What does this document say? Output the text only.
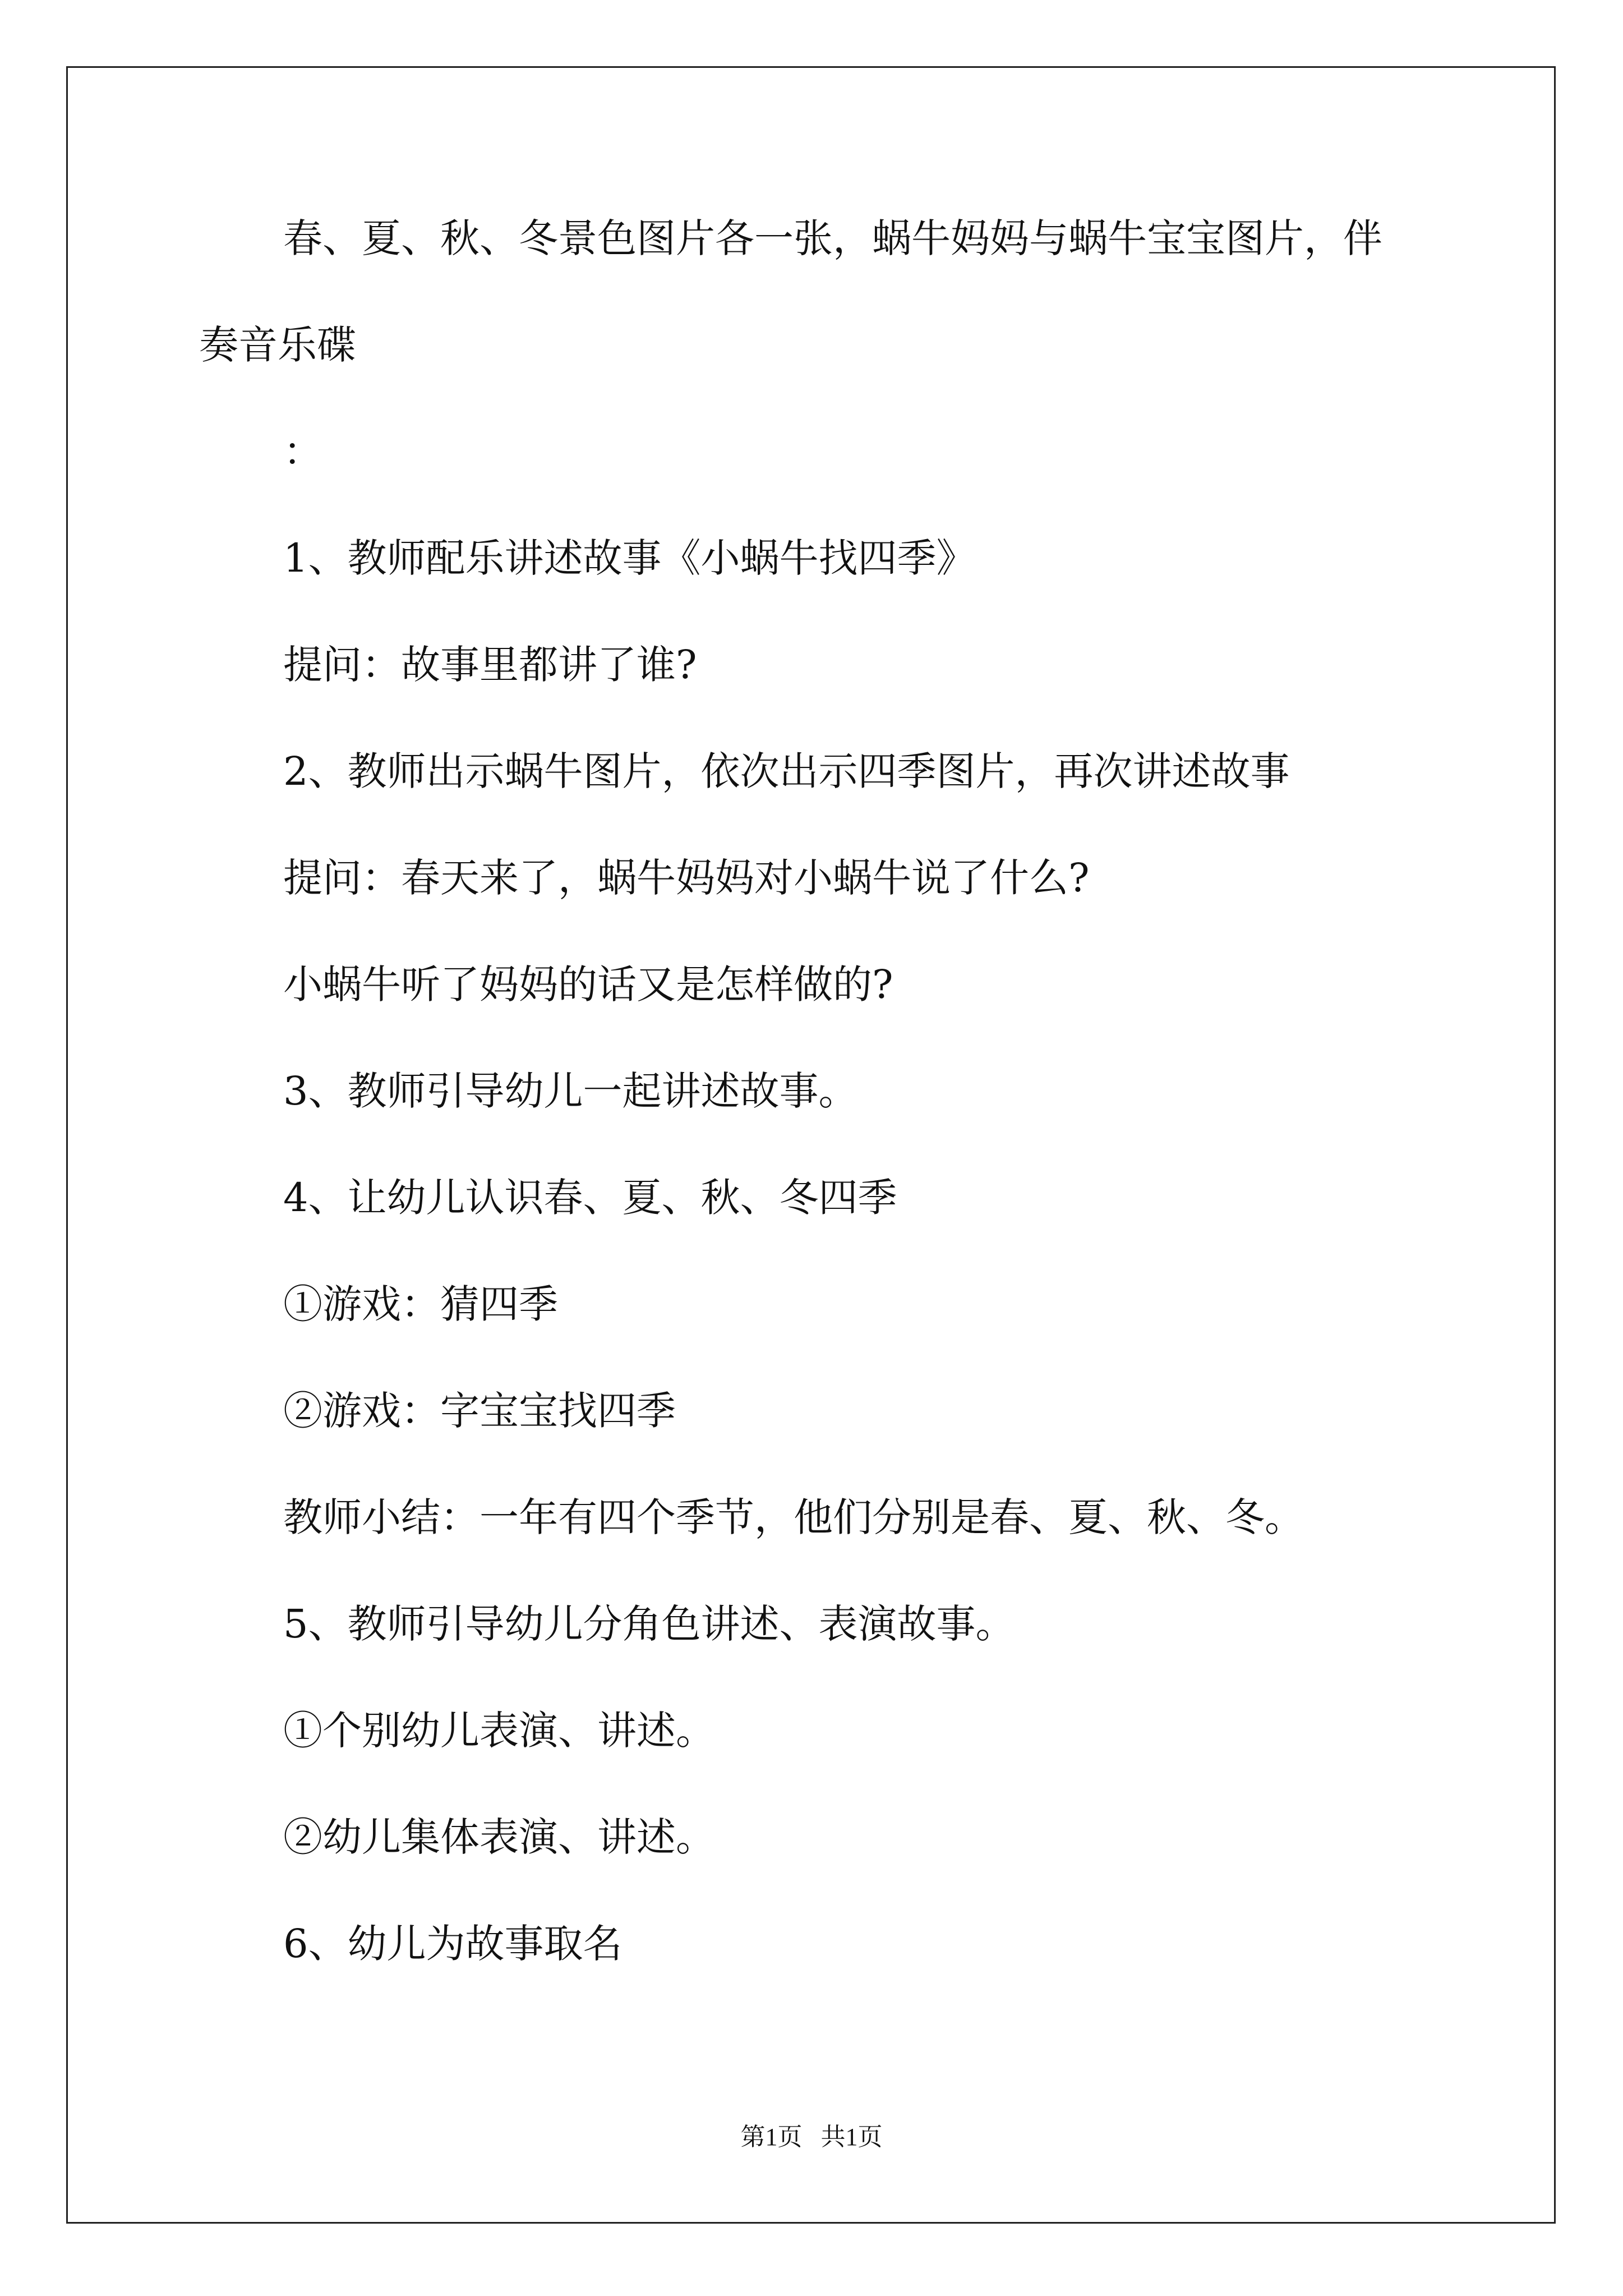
春、夏、秋、冬景色图片各一张，蜗牛妈妈与蜗牛宝宝图片，伴
奏音乐碟
：
1、教师配乐讲述故事《小蜗牛找四季》
提问：故事里都讲了谁?
2、教师出示蜗牛图片，依次出示四季图片，再次讲述故事
提问：春天来了，蜗牛妈妈对小蜗牛说了什么?
小蜗牛听了妈妈的话又是怎样做的?
3、教师引导幼儿一起讲述故事。
4、让幼儿认识春、夏、秋、冬四季
①游戏：猜四季
②游戏：字宝宝找四季
教师小结：一年有四个季节，他们分别是春、夏、秋、冬。
5、教师引导幼儿分角色讲述、表演故事。
①个别幼儿表演、讲述。
②幼儿集体表演、讲述。
6、幼儿为故事取名
第1页   共1页
